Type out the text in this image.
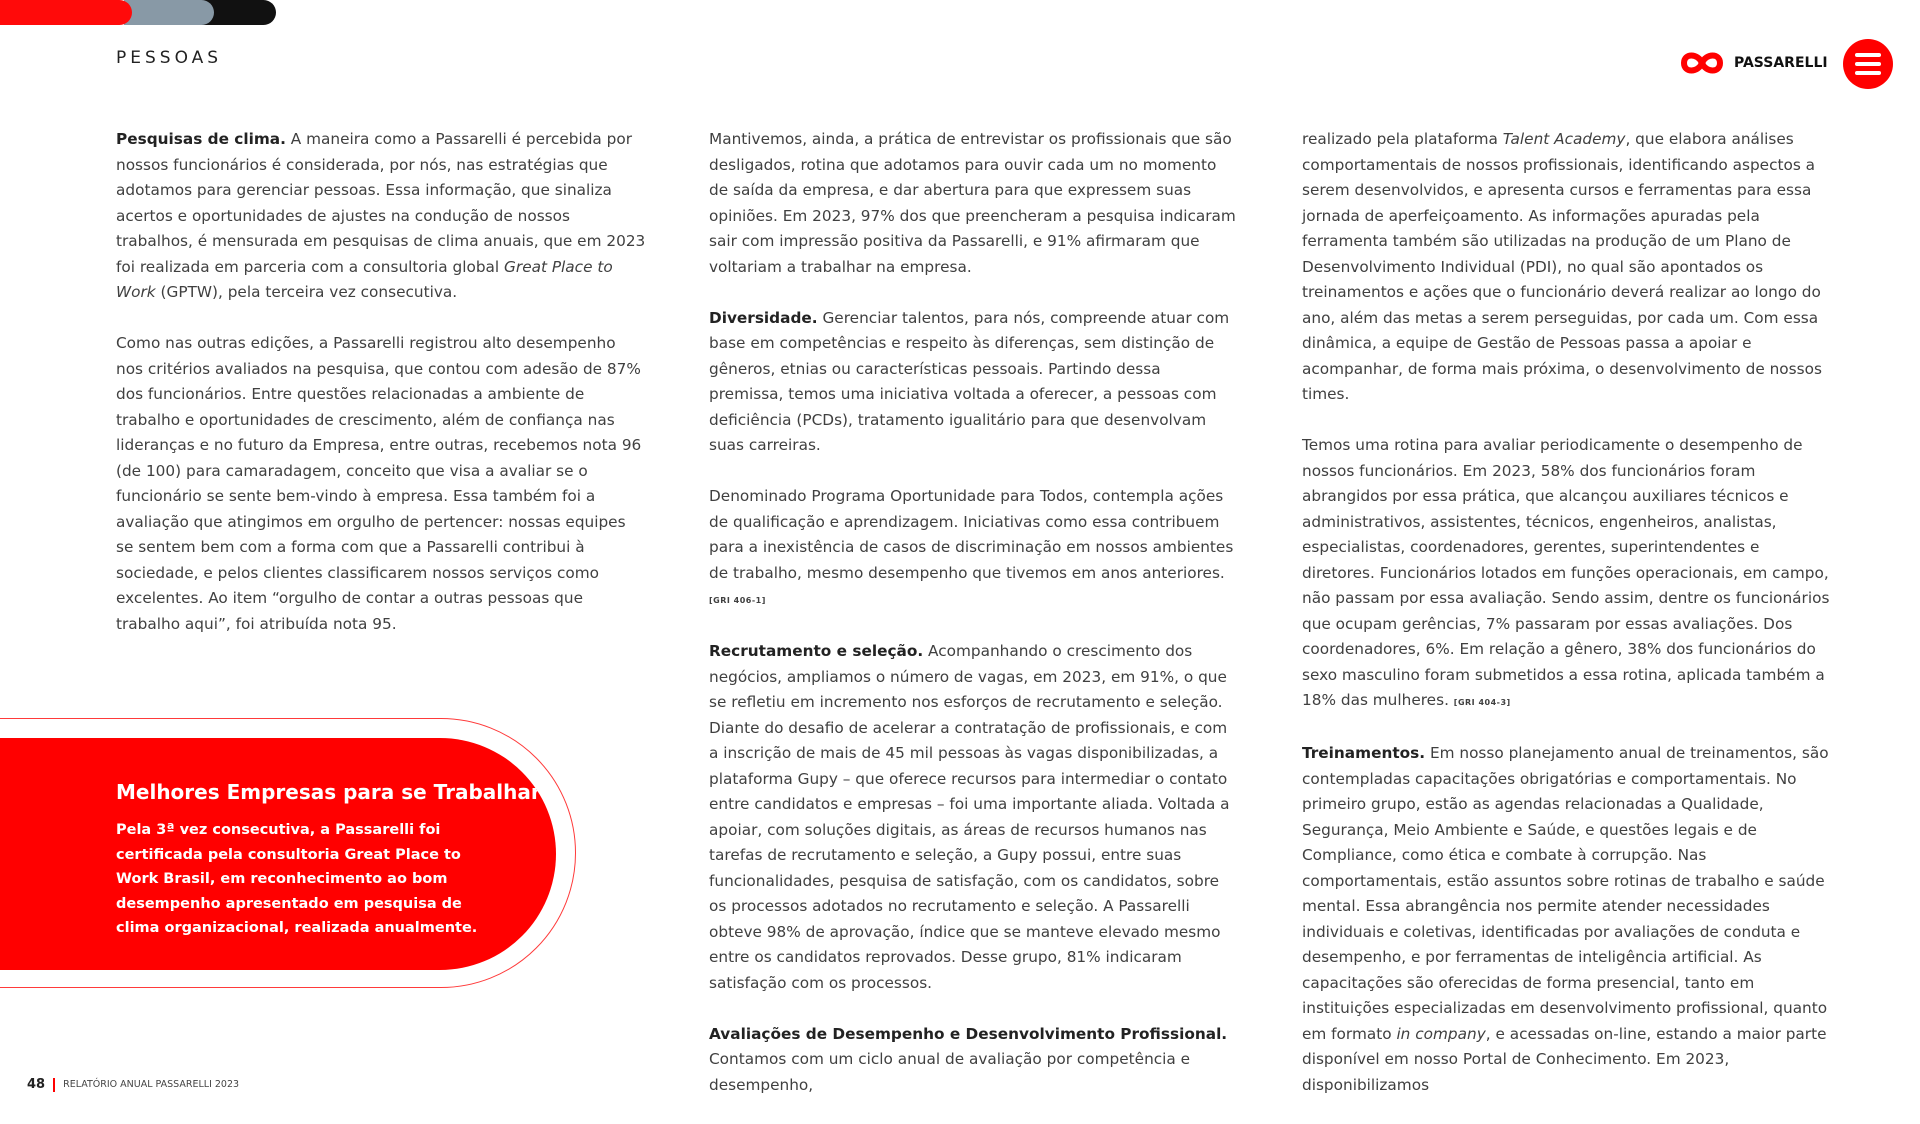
PESSOAS	PASSARELLI

Pesquisas de clima. A maneira como a Passarelli é percebida por nossos funcionários é considerada, por nós, nas estratégias que adotamos para gerenciar pessoas. Essa informação, que sinaliza acertos e oportunidades de ajustes na condução de nossos trabalhos, é mensurada em pesquisas de clima anuais, que em 2023 foi realizada em parceria com a consultoria global Great Place to Work (GPTW), pela terceira vez consecutiva.

Como nas outras edições, a Passarelli registrou alto desempenho nos critérios avaliados na pesquisa, que contou com adesão de 87% dos funcionários. Entre questões relacionadas a ambiente de trabalho e oportunidades de crescimento, além de confiança nas lideranças e no futuro da Empresa, entre outras, recebemos nota 96 (de 100) para camaradagem, conceito que visa a avaliar se o funcionário se sente bem-vindo à empresa. Essa também foi a avaliação que atingimos em orgulho de pertencer: nossas equipes se sentem bem com a forma com que a Passarelli contribui à sociedade, e pelos clientes classificarem nossos serviços como excelentes. Ao item “orgulho de contar a outras pessoas que trabalho aqui”, foi atribuída nota 95.

Melhores Empresas para se Trabalhar
Pela 3ª vez consecutiva, a Passarelli foi certificada pela consultoria Great Place to Work Brasil, em reconhecimento ao bom desempenho apresentado em pesquisa de clima organizacional, realizada anualmente.

Mantivemos, ainda, a prática de entrevistar os profissionais que são desligados, rotina que adotamos para ouvir cada um no momento de saída da empresa, e dar abertura para que expressem suas opiniões. Em 2023, 97% dos que preencheram a pesquisa indicaram sair com impressão positiva da Passarelli, e 91% afirmaram que voltariam a trabalhar na empresa.

Diversidade. Gerenciar talentos, para nós, compreende atuar com base em competências e respeito às diferenças, sem distinção de gêneros, etnias ou características pessoais. Partindo dessa premissa, temos uma iniciativa voltada a oferecer, a pessoas com deficiência (PCDs), tratamento igualitário para que desenvolvam suas carreiras.

Denominado Programa Oportunidade para Todos, contempla ações de qualificação e aprendizagem. Iniciativas como essa contribuem para a inexistência de casos de discriminação em nossos ambientes de trabalho, mesmo desempenho que tivemos em anos anteriores. [GRI 406-1]

Recrutamento e seleção. Acompanhando o crescimento dos negócios, ampliamos o número de vagas, em 2023, em 91%, o que se refletiu em incremento nos esforços de recrutamento e seleção. Diante do desafio de acelerar a contratação de profissionais, e com a inscrição de mais de 45 mil pessoas às vagas disponibilizadas, a plataforma Gupy – que oferece recursos para intermediar o contato entre candidatos e empresas – foi uma importante aliada. Voltada a apoiar, com soluções digitais, as áreas de recursos humanos nas tarefas de recrutamento e seleção, a Gupy possui, entre suas funcionalidades, pesquisa de satisfação, com os candidatos, sobre os processos adotados no recrutamento e seleção. A Passarelli obteve 98% de aprovação, índice que se manteve elevado mesmo entre os candidatos reprovados. Desse grupo, 81% indicaram satisfação com os processos.

Avaliações de Desempenho e Desenvolvimento Profissional. Contamos com um ciclo anual de avaliação por competência e desempenho,

realizado pela plataforma Talent Academy, que elabora análises comportamentais de nossos profissionais, identificando aspectos a serem desenvolvidos, e apresenta cursos e ferramentas para essa jornada de aperfeiçoamento. As informações apuradas pela ferramenta também são utilizadas na produção de um Plano de Desenvolvimento Individual (PDI), no qual são apontados os treinamentos e ações que o funcionário deverá realizar ao longo do ano, além das metas a serem perseguidas, por cada um. Com essa dinâmica, a equipe de Gestão de Pessoas passa a apoiar e acompanhar, de forma mais próxima, o desenvolvimento de nossos times.

Temos uma rotina para avaliar periodicamente o desempenho de nossos funcionários. Em 2023, 58% dos funcionários foram abrangidos por essa prática, que alcançou auxiliares técnicos e administrativos, assistentes, técnicos, engenheiros, analistas, especialistas, coordenadores, gerentes, superintendentes e diretores. Funcionários lotados em funções operacionais, em campo, não passam por essa avaliação. Sendo assim, dentre os funcionários que ocupam gerências, 7% passaram por essas avaliações. Dos coordenadores, 6%. Em relação a gênero, 38% dos funcionários do sexo masculino foram submetidos a essa rotina, aplicada também a 18% das mulheres. [GRI 404-3]

Treinamentos. Em nosso planejamento anual de treinamentos, são contempladas capacitações obrigatórias e comportamentais. No primeiro grupo, estão as agendas relacionadas a Qualidade, Segurança, Meio Ambiente e Saúde, e questões legais e de Compliance, como ética e combate à corrupção. Nas comportamentais, estão assuntos sobre rotinas de trabalho e saúde mental. Essa abrangência nos permite atender necessidades individuais e coletivas, identificadas por avaliações de conduta e desempenho, e por ferramentas de inteligência artificial. As capacitações são oferecidas de forma presencial, tanto em instituições especializadas em desenvolvimento profissional, quanto em formato in company, e acessadas on-line, estando a maior parte disponível em nosso Portal de Conhecimento. Em 2023, disponibilizamos

48 RELATÓRIO ANUAL PASSARELLI 2023
